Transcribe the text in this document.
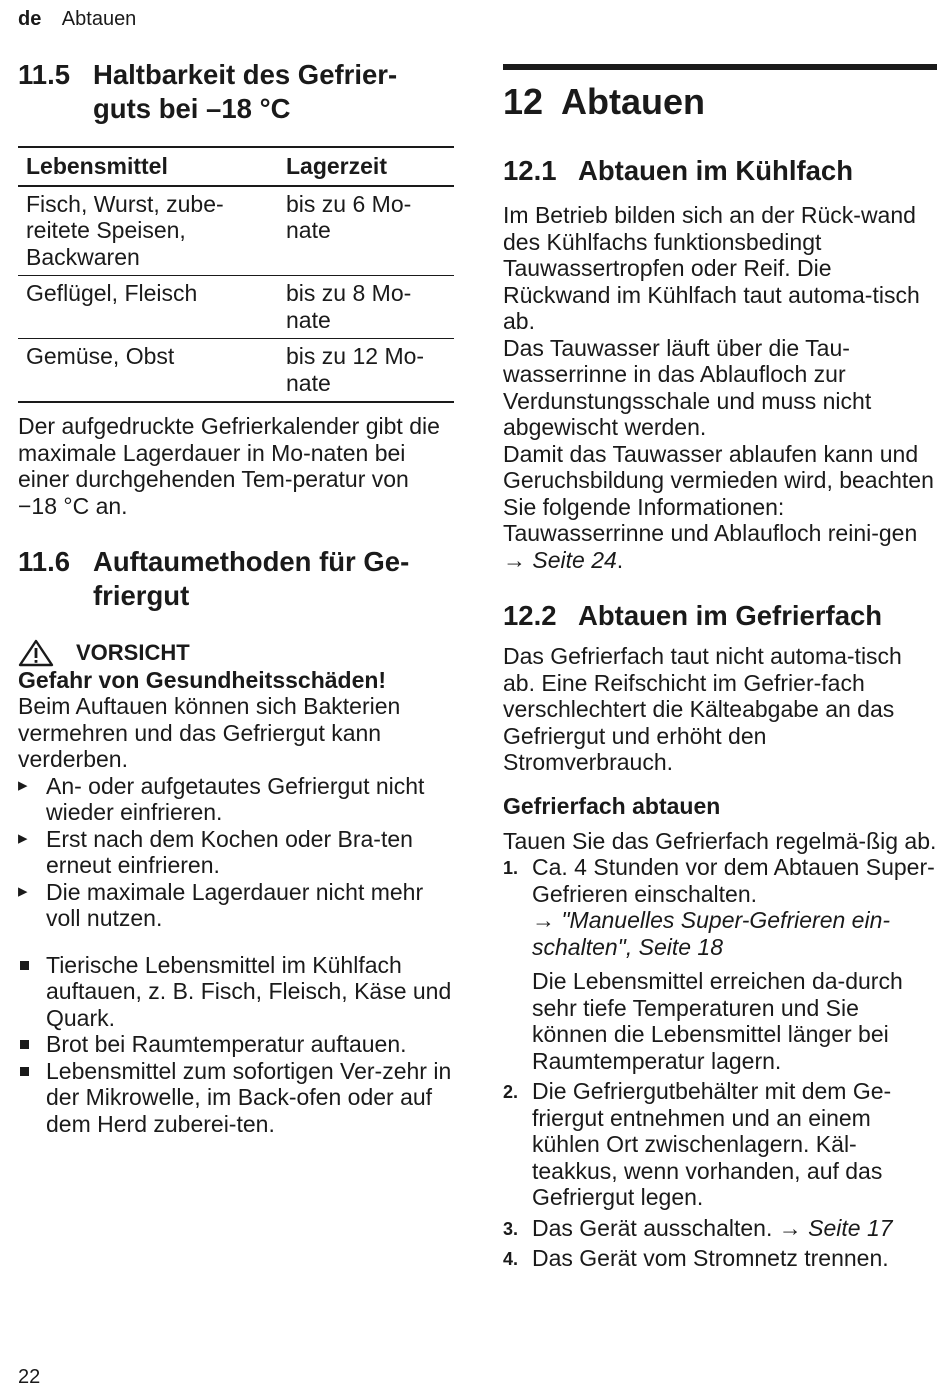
de Abtauen
11.5 Haltbarkeit des Gefrier-guts bei –18 °C
Lebensmittel	Lagerzeit
Fisch, Wurst, zube-reitete Speisen, Backwaren	bis zu 6 Mo-nate
Geflügel, Fleisch	bis zu 8 Mo-nate
Gemüse, Obst	bis zu 12 Mo-nate

Der aufgedruckte Gefrierkalender gibt die maximale Lagerdauer in Mo-naten bei einer durchgehenden Tem-peratur von −18 °C an.

11.6 Auftaumethoden für Ge-friergut
VORSICHT
Gefahr von Gesundheitsschäden!

Beim Auftauen können sich Bakterien vermehren und das Gefriergut kann verderben.

▸ An- oder aufgetautes Gefriergut nicht wieder einfrieren.
▸ Erst nach dem Kochen oder Bra-ten erneut einfrieren.
▸ Die maximale Lagerdauer nicht mehr voll nutzen.
Tierische Lebensmittel im Kühlfach auftauen, z. B. Fisch, Fleisch, Käse und Quark.
Brot bei Raumtemperatur auftauen.
Lebensmittel zum sofortigen Ver-zehr in der Mikrowelle, im Back-ofen oder auf dem Herd zuberei-ten.
12 Abtauen
12.1 Abtauen im Kühlfach

Im Betrieb bilden sich an der Rück-wand des Kühlfachs funktionsbedingt Tauwassertropfen oder Reif. Die Rückwand im Kühlfach taut automa-tisch ab.

Das Tauwasser läuft über die Tau-wasserrinne in das Ablaufloch zur Verdunstungsschale und muss nicht abgewischt werden.

Damit das Tauwasser ablaufen kann und Geruchsbildung vermieden wird, beachten Sie folgende Informationen: Tauwasserrinne und Ablaufloch reini-gen → Seite 24.

12.2 Abtauen im Gefrierfach

Das Gefrierfach taut nicht automa-tisch ab. Eine Reifschicht im Gefrier-fach verschlechtert die Kälteabgabe an das Gefriergut und erhöht den Stromverbrauch.

Gefrierfach abtauen

Tauen Sie das Gefrierfach regelmä-ßig ab.

1. Ca. 4 Stunden vor dem Abtauen Super-Gefrieren einschalten.
→ "Manuelles Super-Gefrieren ein-schalten", Seite 18
Die Lebensmittel erreichen da-durch sehr tiefe Temperaturen und Sie können die Lebensmittel länger bei Raumtemperatur lagern.
2. Die Gefriergutbehälter mit dem Ge-friergut entnehmen und an einem kühlen Ort zwischenlagern. Käl-teakkus, wenn vorhanden, auf das Gefriergut legen.
3. Das Gerät ausschalten. → Seite 17
4. Das Gerät vom Stromnetz trennen.
22
